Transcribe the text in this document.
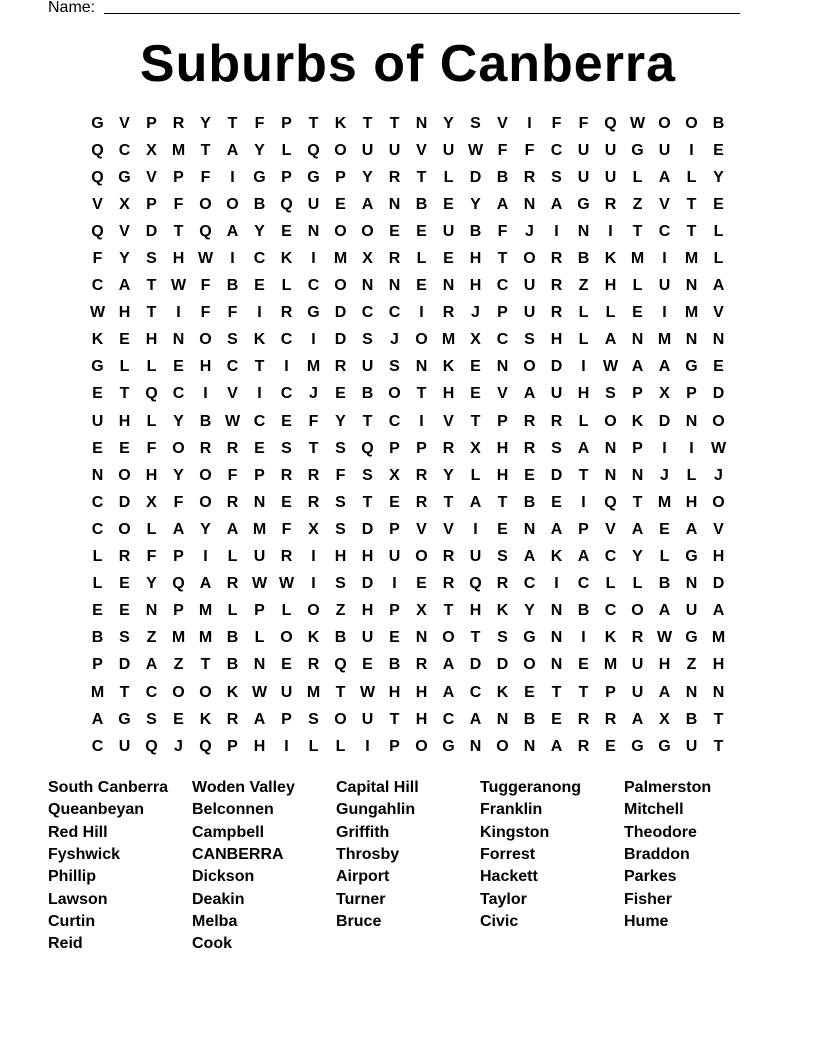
Name:
Suburbs of Canberra
G V	P R Y	T	F	P	T	K	T	T	N Y	S	V	I	F	F Q W O O B
Q C X M T	A Y	L Q O U U V U W F	F	C U U G U	I	E
Q G V	P	F	I	G P G P	Y R	T	L	D B R S U U	L	A	L	Y
V	X	P	F O O B Q U E A N B E	Y A N A G R	Z	V	T	E
Q V D	T Q A Y	E N O O E	E U B	F	J	I	N	I	T	C	T	L
F	Y	S H W	I	C K	I	M X R	L	E H	T O R B K M	I	M L
C A	T W F	B E	L	C O N N E N H C U R	Z	H	L	U N A
W H	T	I	F	F	I	R G D C C	I	R	J	P U R	L	L	E	I	M V
K E H N O S K C	I	D S	J	O M X C S H	L	A N M N N
G L	L	E H C	T	I	M R U S N K E N O D	I	W A A G E
E	T Q C	I	V	I	C	J	E B O T	H E	V A U H S	P	X	P D
U H	L	Y B W C E	F	Y	T	C	I	V	T	P R R	L O K D N O
E	E	F O R R E	S	T	S Q P	P R X H R S A N P	I	I	W
N O H Y O F	P R R	F	S	X R Y	L	H E D	T	N N	J	L	J
C D X	F O R N E R S	T	E R	T	A	T	B E	I	Q T M H O
C O L	A Y A M F	X	S D P	V	V	I	E N A P	V A E A V
L	R	F	P	I	L	U R	I	H H U O R U S A K A C Y	L G H
L	E	Y Q A R W W	I	S D	I	E R Q R C	I	C	L	L	B N D
E	E N P M L	P	L O Z	H P	X	T	H K Y N B C O A U A
B S	Z M M B	L O K B U E N O T	S G N	I	K R W G M
P D A	Z	T	B N E R Q E B R A D D O N E M U H	Z	H
M T	C O O K W U M T W H H A C K E	T	T	P U A N N
A G S	E K R A P	S O U	T	H C A N B E R R A X B	T
C U Q	J	Q P H	I	L	L	I	P O G N O N A R E G G U	T
South Canberra
Queanbeyan
Red Hill
Fyshwick
Phillip
Lawson
Curtin
Reid
Woden Valley
Belconnen
Campbell
CANBERRA
Dickson
Deakin
Melba
Cook
Capital Hill
Gungahlin
Griffith
Throsby
Airport
Turner
Bruce
Tuggeranong
Franklin
Kingston
Forrest
Hackett
Taylor
Civic
Palmerston
Mitchell
Theodore
Braddon
Parkes
Fisher
Hume
